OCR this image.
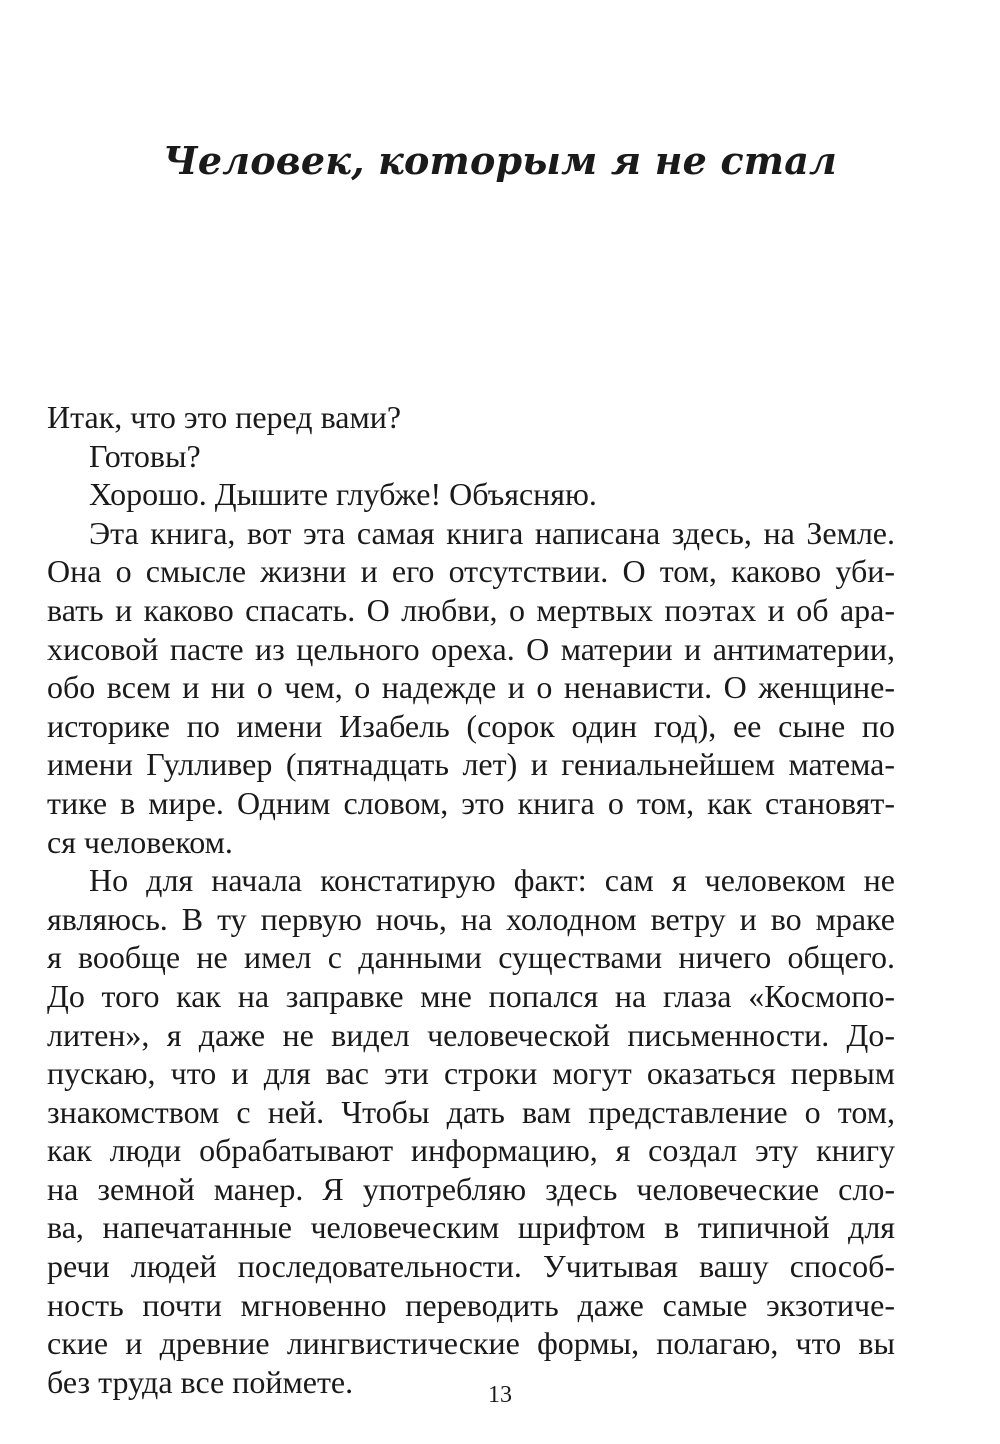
Человек, которым я не стал
Итак, что это перед вами?
Готовы?
Хорошо. Дышите глубже! Объясняю.
Эта книга, вот эта самая книга написана здесь, на Земле.
Она о смысле жизни и его отсутствии. О том, каково уби-
вать и каково спасать. О любви, о мертвых поэтах и об ара-
хисовой пасте из цельного ореха. О материи и антиматерии,
обо всем и ни о чем, о надежде и о ненависти. О женщине-
историке по имени Изабель (сорок один год), ее сыне по
имени Гулливер (пятнадцать лет) и гениальнейшем матема-
тике в мире. Одним словом, это книга о том, как становят-
ся человеком.
Но для начала констатирую факт: сам я человеком не
являюсь. В ту первую ночь, на холодном ветру и во мраке
я вообще не имел с данными существами ничего общего.
До того как на заправке мне попался на глаза «Космопо-
литен», я даже не видел человеческой письменности. До-
пускаю, что и для вас эти строки могут оказаться первым
знакомством с ней. Чтобы дать вам представление о том,
как люди обрабатывают информацию, я создал эту книгу
на земной манер. Я употребляю здесь человеческие сло-
ва, напечатанные человеческим шрифтом в типичной для
речи людей последовательности. Учитывая вашу способ-
ность почти мгновенно переводить даже самые экзотиче-
ские и древние лингвистические формы, полагаю, что вы
без труда все поймете.	13
